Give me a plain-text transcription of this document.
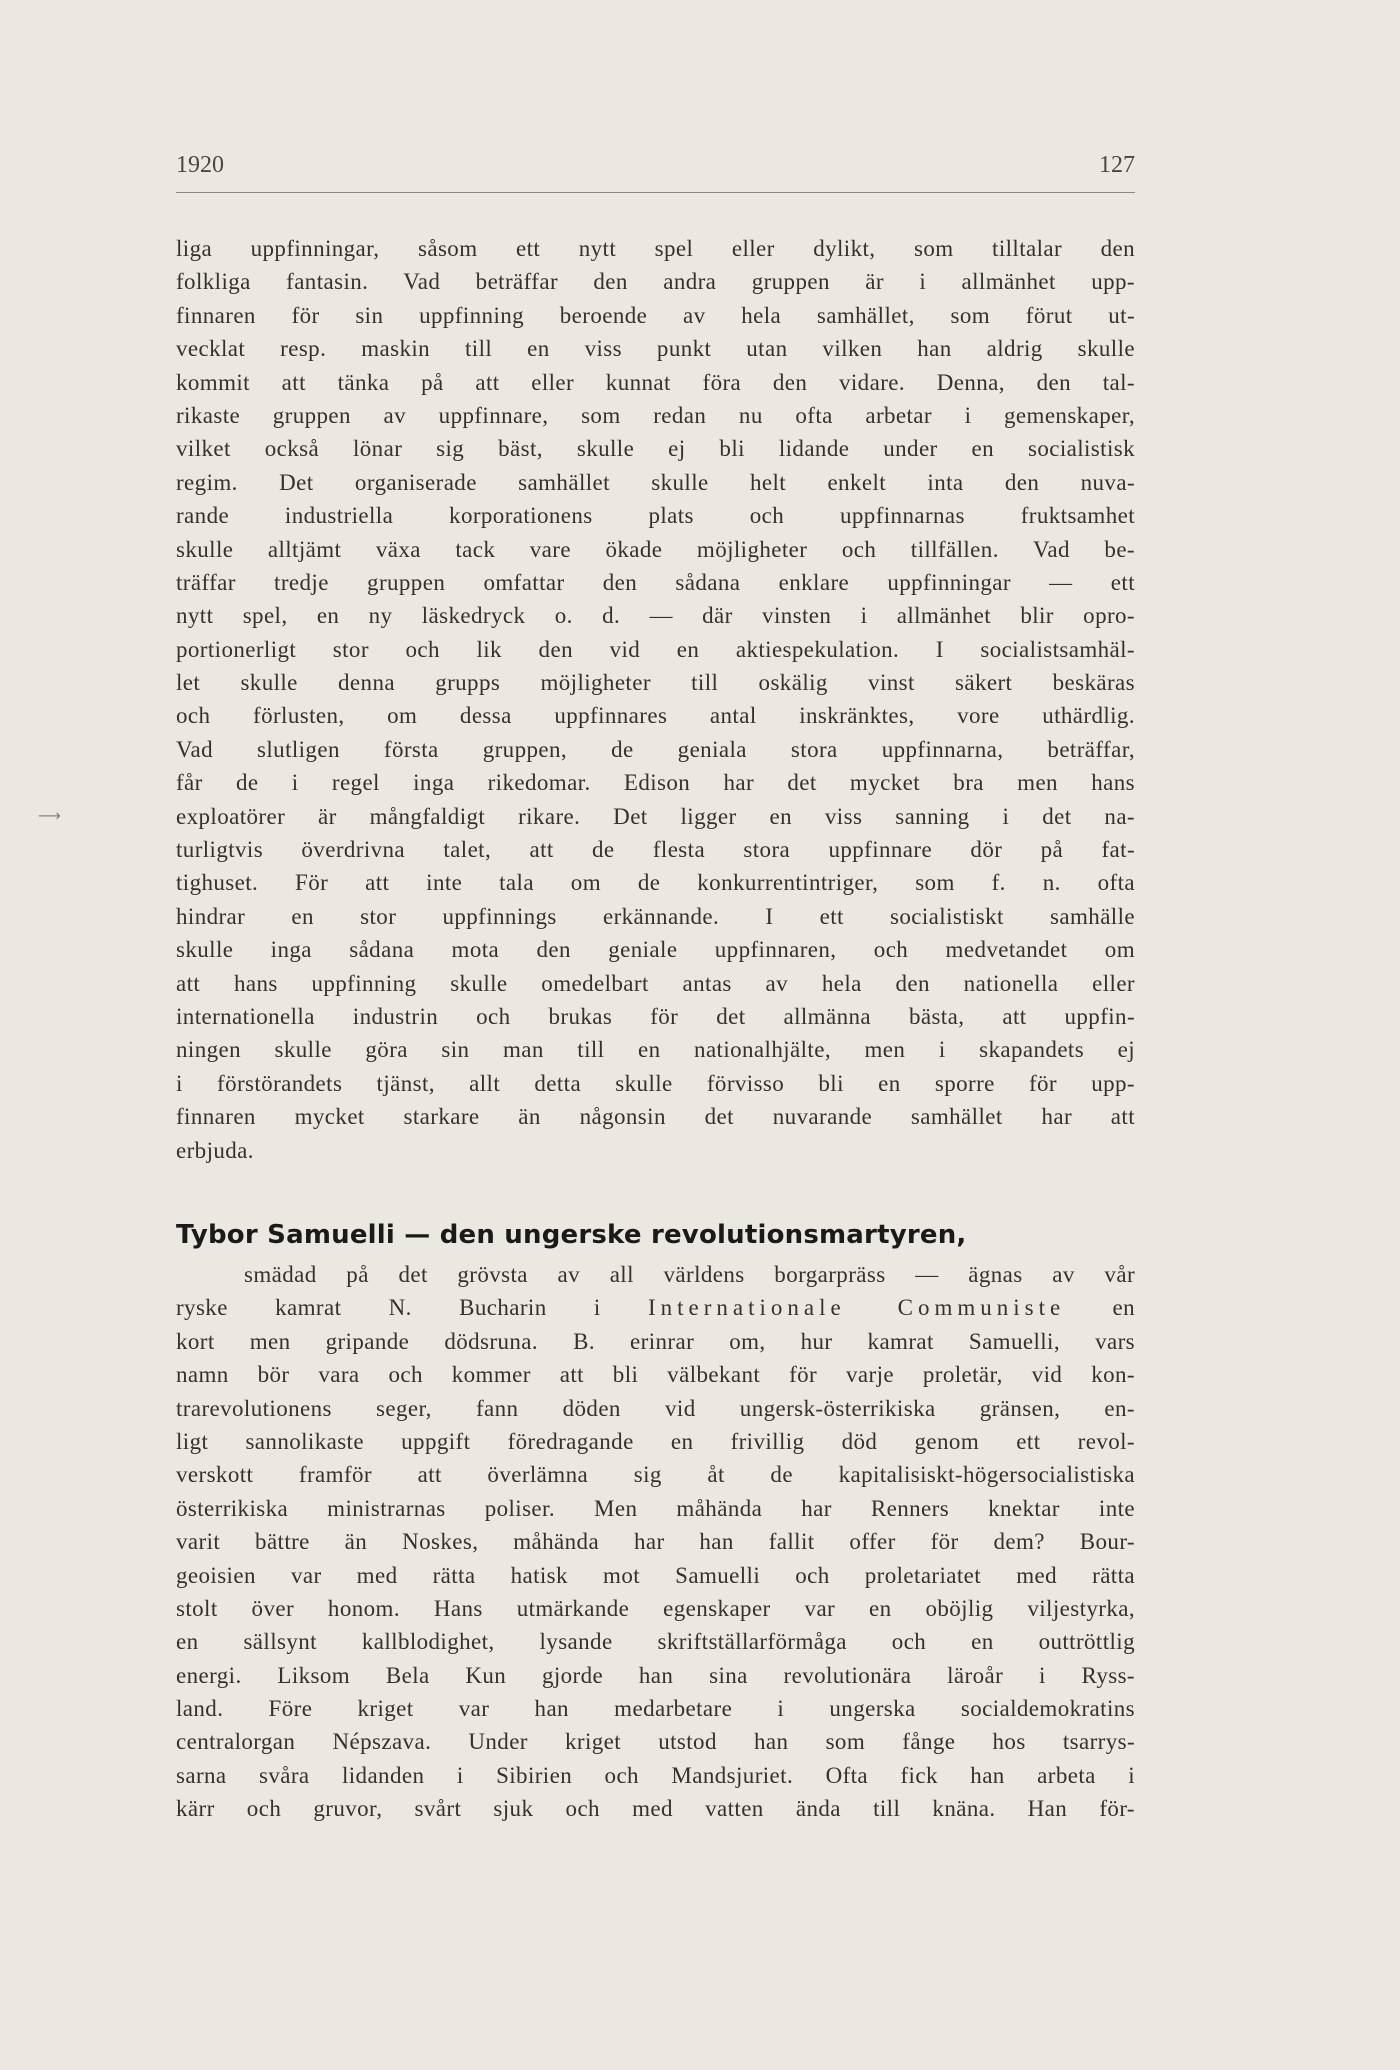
1920	127
⟶
liga uppfinningar, såsom ett nytt spel eller dylikt, som tilltalar den
folkliga fantasin. Vad beträffar den andra gruppen är i allmänhet upp-
finnaren för sin uppfinning beroende av hela samhället, som förut ut-
vecklat resp. maskin till en viss punkt utan vilken han aldrig skulle
kommit att tänka på att eller kunnat föra den vidare. Denna, den tal-
rikaste gruppen av uppfinnare, som redan nu ofta arbetar i gemenskaper,
vilket också lönar sig bäst, skulle ej bli lidande under en socialistisk
regim. Det organiserade samhället skulle helt enkelt inta den nuva-
rande industriella korporationens plats och uppfinnarnas fruktsamhet
skulle alltjämt växa tack vare ökade möjligheter och tillfällen. Vad be-
träffar tredje gruppen omfattar den sådana enklare uppfinningar — ett
nytt spel, en ny läskedryck o. d. — där vinsten i allmänhet blir opro-
portionerligt stor och lik den vid en aktiespekulation. I socialistsamhäl-
let skulle denna grupps möjligheter till oskälig vinst säkert beskäras
och förlusten, om dessa uppfinnares antal inskränktes, vore uthärdlig.
Vad slutligen första gruppen, de geniala stora uppfinnarna, beträffar,
får de i regel inga rikedomar. Edison har det mycket bra men hans
exploatörer är mångfaldigt rikare. Det ligger en viss sanning i det na-
turligtvis överdrivna talet, att de flesta stora uppfinnare dör på fat-
tighuset. För att inte tala om de konkurrentintriger, som f. n. ofta
hindrar en stor uppfinnings erkännande. I ett socialistiskt samhälle
skulle inga sådana mota den geniale uppfinnaren, och medvetandet om
att hans uppfinning skulle omedelbart antas av hela den nationella eller
internationella industrin och brukas för det allmänna bästa, att uppfin-
ningen skulle göra sin man till en nationalhjälte, men i skapandets ej
i förstörandets tjänst, allt detta skulle förvisso bli en sporre för upp-
finnaren mycket starkare än någonsin det nuvarande samhället har att
erbjuda.
Tybor Samuelli — den ungerske revolutionsmartyren,
smädad på det grövsta av all världens borgarpräss — ägnas av vår
ryske kamrat N. Bucharin i Internationale Communiste en
kort men gripande dödsruna. B. erinrar om, hur kamrat Samuelli, vars
namn bör vara och kommer att bli välbekant för varje proletär, vid kon-
trarevolutionens seger, fann döden vid ungersk-österrikiska gränsen, en-
ligt sannolikaste uppgift föredragande en frivillig död genom ett revol-
verskott framför att överlämna sig åt de kapitalisiskt-högersocialistiska
österrikiska ministrarnas poliser. Men måhända har Renners knektar inte
varit bättre än Noskes, måhända har han fallit offer för dem? Bour-
geoisien var med rätta hatisk mot Samuelli och proletariatet med rätta
stolt över honom. Hans utmärkande egenskaper var en oböjlig viljestyrka,
en sällsynt kallblodighet, lysande skriftställarförmåga och en outtröttlig
energi. Liksom Bela Kun gjorde han sina revolutionära läroår i Ryss-
land. Före kriget var han medarbetare i ungerska socialdemokratins
centralorgan Népszava. Under kriget utstod han som fånge hos tsarrys-
sarna svåra lidanden i Sibirien och Mandsjuriet. Ofta fick han arbeta i
kärr och gruvor, svårt sjuk och med vatten ända till knäna. Han för-
